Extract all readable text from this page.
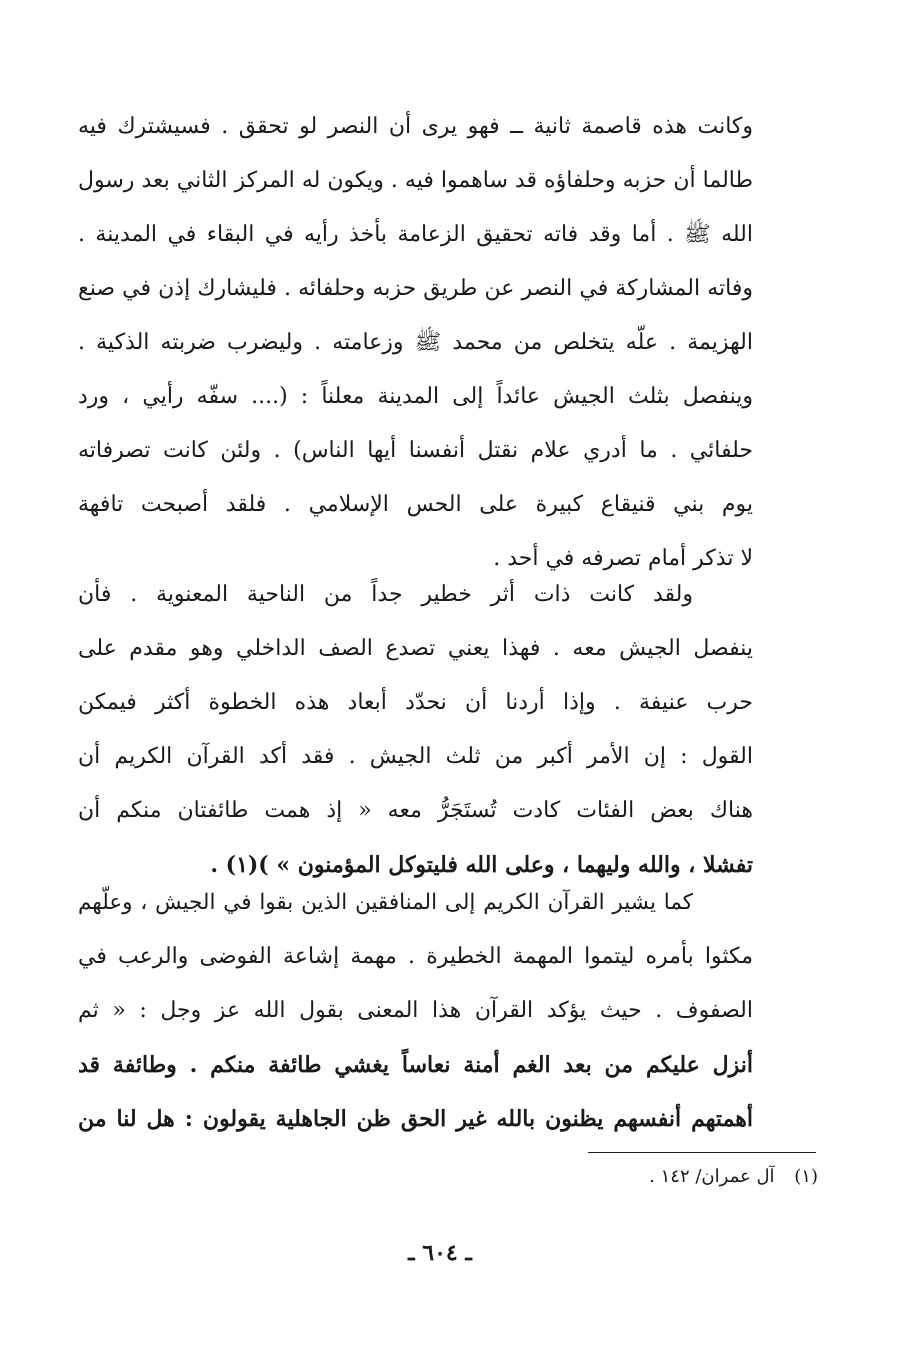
وكانت هذه قاصمة ثانية ــ فهو يرى أن النصر لو تحقق . فسيشترك فيه
طالما أن حزبه وحلفاؤه قد ساهموا فيه . ويكون له المركز الثاني بعد رسول
الله ﷺ . أما وقد فاته تحقيق الزعامة بأخذ رأيه في البقاء في المدينة .
وفاته المشاركة في النصر عن طريق حزبه وحلفائه . فليشارك إذن في صنع
الهزيمة . علّه يتخلص من محمد ﷺ وزعامته . وليضرب ضربته الذكية .
وينفصل بثلث الجيش عائداً إلى المدينة معلناً : (.... سفّه رأيي ، ورد
حلفائي . ما أدري علام نقتل أنفسنا أيها الناس) . ولئن كانت تصرفاته
يوم بني قنيقاع كبيرة على الحس الإسلامي . فلقد أصبحت تافهة
لا تذكر أمام تصرفه في أحد .
ولقد كانت ذات أثر خطير جداً من الناحية المعنوية . فأن
ينفصل الجيش معه . فهذا يعني تصدع الصف الداخلي وهو مقدم على
حرب عنيفة . وإذا أردنا أن نحدّد أبعاد هذه الخطوة أكثر فيمكن
القول : إن الأمر أكبر من ثلث الجيش . فقد أكد القرآن الكريم أن
هناك بعض الفئات كادت تُستَجَرُّ معه « إذ همت طائفتان منكم أن
تفشلا ، والله وليهما ، وعلى الله فليتوكل المؤمنون » )(١) .
كما يشير القرآن الكريم إلى المنافقين الذين بقوا في الجيش ، وعلّهم
مكثوا بأمره ليتموا المهمة الخطيرة . مهمة إشاعة الفوضى والرعب في
الصفوف . حيث يؤكد القرآن هذا المعنى بقول الله عز وجل : « ثم
أنزل عليكم من بعد الغم أمنة نعاساً يغشي طائفة منكم . وطائفة قد
أهمتهم أنفسهم يظنون بالله غير الحق ظن الجاهلية يقولون : هل لنا من
(١) آل عمران/ ١٤٢ .
ـ ٦٠٤ ـ
